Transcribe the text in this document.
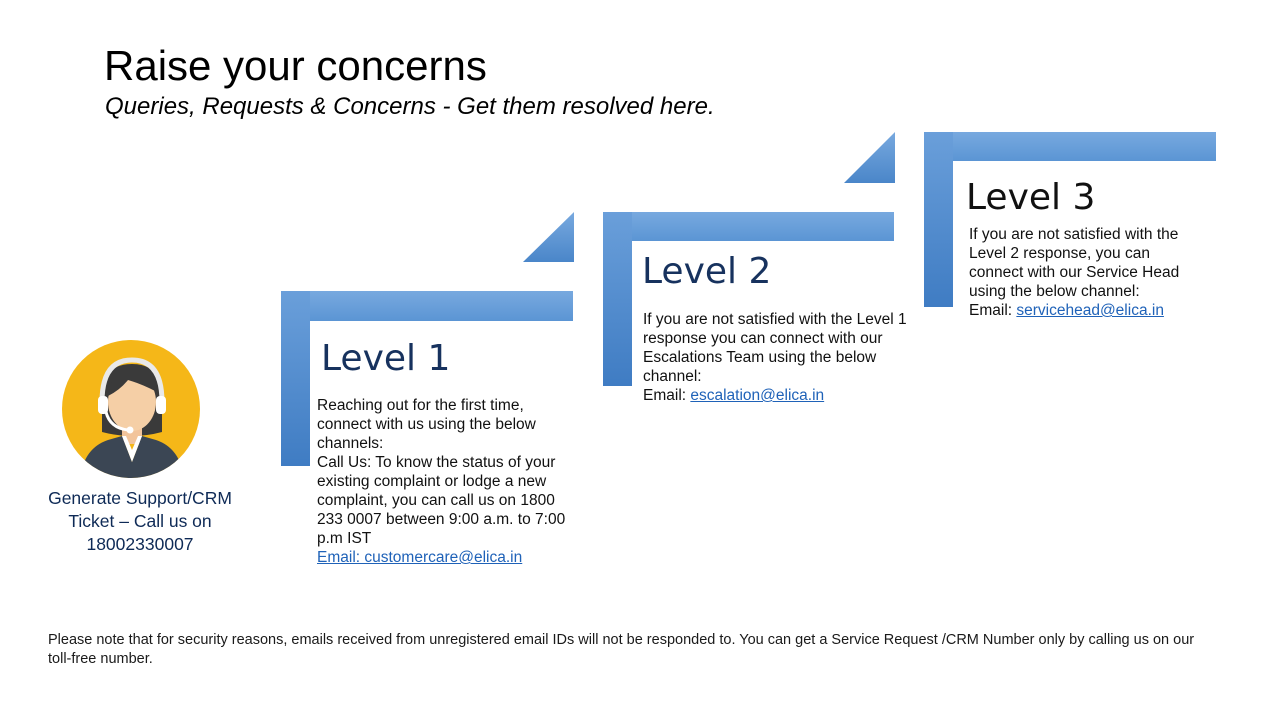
Raise your concerns
Queries, Requests & Concerns - Get them resolved here.
Level 1

Reaching out for the first time, connect with us using the below channels:

Call Us: To know the status of your existing complaint or lodge a new complaint, you can call us on 1800 233 0007 between 9:00 a.m. to 7:00 p.m IST

Email: customercare@elica.in

Level 2

If you are not satisfied with the Level 1 response you can connect with our Escalations Team using the below channel:

Email: escalation@elica.in

Level 3

If you are not satisfied with the Level 2 response, you can connect with our Service Head using the below channel:

Email: servicehead@elica.in

Generate Support/CRM Ticket – Call us on 18002330007
Please note that for security reasons, emails received from unregistered email IDs will not be responded to. You can get a Service Request /CRM Number only by calling us on our toll-free number.
